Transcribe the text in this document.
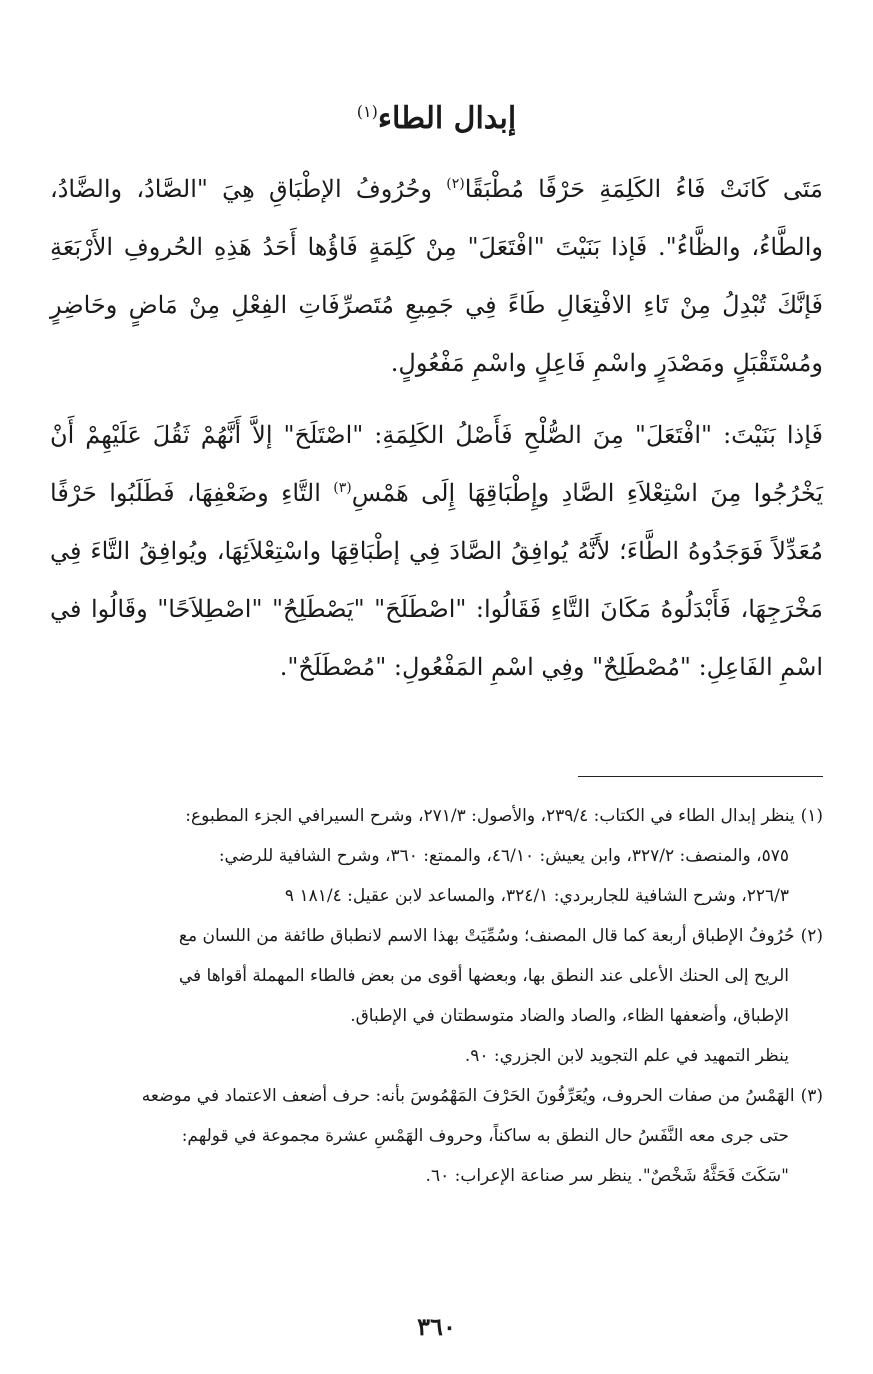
إبدال الطاء$^{(١)}$

مَتَى كَانَتْ فَاءُ الكَلِمَةِ حَرْفًا مُطْبَقًا$^{(٢)}$ وحُرُوفُ الإطْبَاقِ هِيَ "الصَّادُ، والضَّادُ، والطَّاءُ، والظَّاءُ". فَإذا بَنَيْتَ "افْتَعَلَ" مِنْ كَلِمَةٍ فَاؤُها أَحَدُ هَذِهِ الحُروفِ الأَرْبَعَةِ فَإنَّكَ تُبْدِلُ مِنْ تَاءِ الافْتِعَالِ طَاءً فِي جَمِيعِ مُتَصرِّفَاتِ الفِعْلِ مِنْ مَاضٍ وحَاضِرٍ ومُسْتَقْبَلٍ ومَصْدَرٍ واسْمِ فَاعِلٍ واسْمِ مَفْعُولٍ.

فَإذا بَنَيْتَ: "افْتَعَلَ" مِنَ الصُّلْحِ فَأَصْلُ الكَلِمَةِ: "اصْتَلَحَ" إلاَّ أَنَّهُمْ ثَقُلَ عَلَيْهِمْ أَنْ يَخْرُجُوا مِنَ اسْتِعْلاَءِ الصَّادِ وإِطْبَاقِهَا إِلَى هَمْسِ$^{(٣)}$ التَّاءِ وضَعْفِهَا، فَطَلَبُوا حَرْفًا مُعَدِّلاً فَوَجَدُوهُ الطَّاءَ؛ لأَنَّهُ يُوافِقُ الصَّادَ فِي إطْبَاقِهَا واسْتِعْلاَئِهَا، ويُوافِقُ التَّاءَ فِي مَخْرَجِهَا، فَأَبْدَلُوهُ مَكَانَ التَّاءِ فَقَالُوا: "اصْطَلَحَ" "يَصْطَلِحُ" "اصْطِلاَحًا" وقَالُوا في اسْمِ الفَاعِلِ: "مُصْطَلِحٌ" وفِي اسْمِ المَفْعُولِ: "مُصْطَلَحٌ".

(١)ينظر إبدال الطاء في الكتاب: ٢٣٩/٤، والأصول: ٢٧١/٣، وشرح السيرافي الجزء المطبوع:
٥٧٥، والمنصف: ٣٢٧/٢، وابن يعيش: ٤٦/١٠، والممتع: ٣٦٠، وشرح الشافية للرضي:
٢٢٦/٣، وشرح الشافية للجاربردي: ٣٢٤/١، والمساعد لابن عقيل: ١٨١/٤ ٩
(٢)حُرُوفُ الإطباق أربعة كما قال المصنف؛ وسُمِّيَتْ بهذا الاسم لانطباق طائفة من اللسان مع
الريح إلى الحنك الأعلى عند النطق بها، وبعضها أقوى من بعض فالطاء المهملة أقواها في
الإطباق، وأضعفها الظاء، والصاد والضاد متوسطتان في الإطباق.
ينظر التمهيد في علم التجويد لابن الجزري: ٩٠.
(٣)الهَمْسُ من صفات الحروف، ويُعَرِّفُونَ الحَرْفَ المَهْمُوسَ بأنه: حرف أضعف الاعتماد في موضعه
حتى جرى معه النَّفَسُ حال النطق به ساكناً، وحروف الهَمْسِ عشرة مجموعة في قولهم:
"سَكَتَ فَحَثَّهُ شَخْصٌ". ينظر سر صناعة الإعراب: ٦٠.
٣٦٠
